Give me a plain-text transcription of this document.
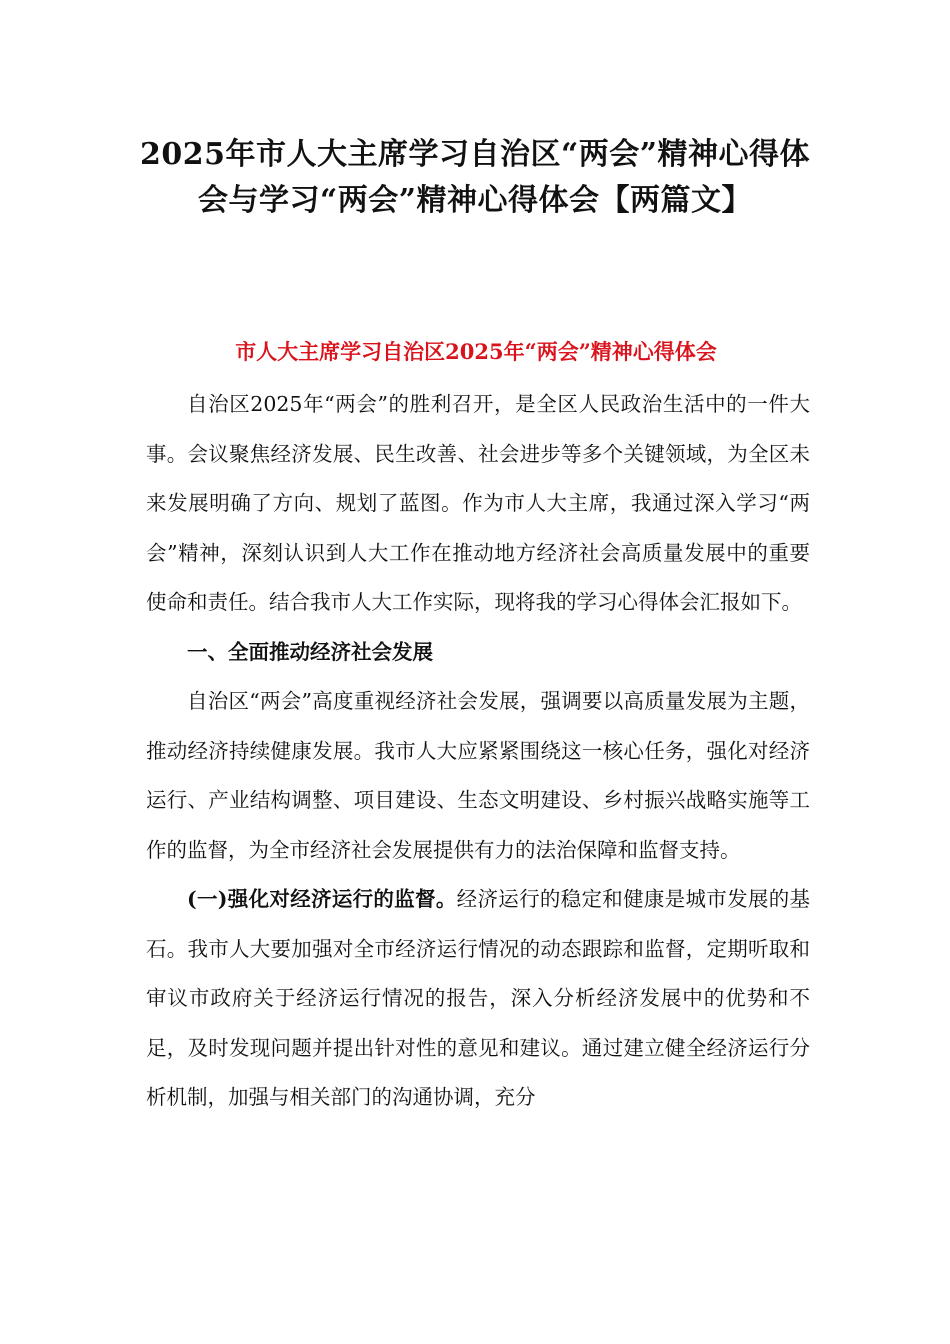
2025年市人大主席学习自治区“两会”精神心得体
会与学习“两会”精神心得体会【两篇文】
市人大主席学习自治区2025年“两会”精神心得体会

自治区2025年“两会”的胜利召开，是全区人民政治生活中的一件大事。会议聚焦经济发展、民生改善、社会进步等多个关键领域，为全区未来发展明确了方向、规划了蓝图。作为市人大主席，我通过深入学习“两会”精神，深刻认识到人大工作在推动地方经济社会高质量发展中的重要使命和责任。结合我市人大工作实际，现将我的学习心得体会汇报如下。

一、全面推动经济社会发展

自治区“两会”高度重视经济社会发展，强调要以高质量发展为主题，推动经济持续健康发展。我市人大应紧紧围绕这一核心任务，强化对经济运行、产业结构调整、项目建设、生态文明建设、乡村振兴战略实施等工作的监督，为全市经济社会发展提供有力的法治保障和监督支持。

(一)强化对经济运行的监督。经济运行的稳定和健康是城市发展的基石。我市人大要加强对全市经济运行情况的动态跟踪和监督，定期听取和审议市政府关于经济运行情况的报告，深入分析经济发展中的优势和不足，及时发现问题并提出针对性的意见和建议。通过建立健全经济运行分析机制，加强与相关部门的沟通协调，充分
